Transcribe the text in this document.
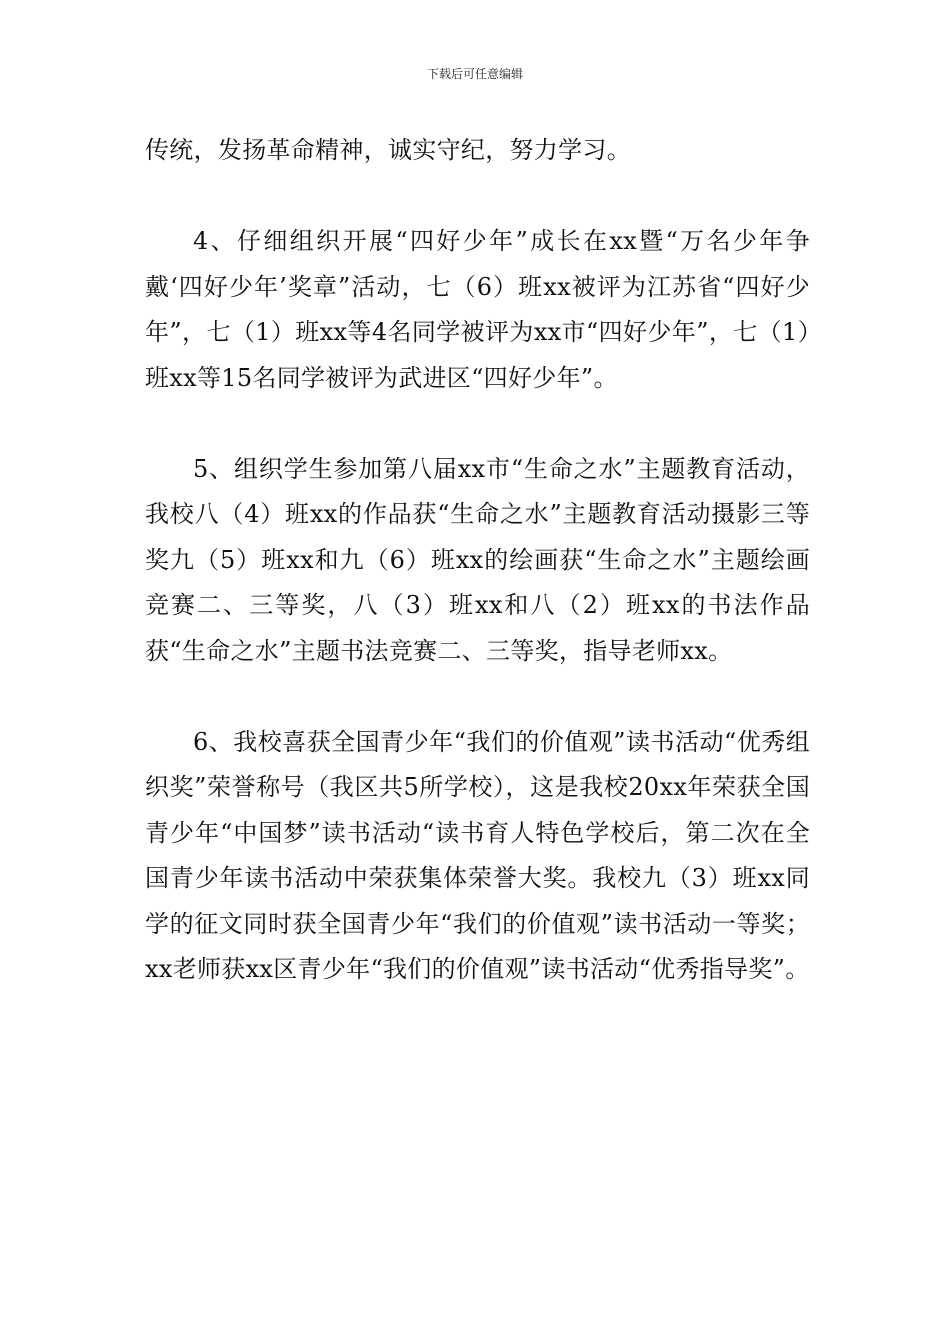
下载后可任意编辑

传统，发扬革命精神，诚实守纪，努力学习。

4、仔细组织开展“四好少年”成长在xx暨“万名少年争戴‘四好少年’奖章”活动，七（6）班xx被评为江苏省“四好少年”，七（1）班xx等4名同学被评为xx市“四好少年”，七（1）班xx等15名同学被评为武进区“四好少年”。

5、组织学生参加第八届xx市“生命之水”主题教育活动，我校八（4）班xx的作品获“生命之水”主题教育活动摄影三等奖九（5）班xx和九（6）班xx的绘画获“生命之水”主题绘画竞赛二、三等奖，八（3）班xx和八（2）班xx的书法作品获“生命之水”主题书法竞赛二、三等奖，指导老师xx。

6、我校喜获全国青少年“我们的价值观”读书活动“优秀组织奖”荣誉称号（我区共5所学校），这是我校20xx年荣获全国青少年“中国梦”读书活动“读书育人特色学校后，第二次在全国青少年读书活动中荣获集体荣誉大奖。我校九（3）班xx同学的征文同时获全国青少年“我们的价值观”读书活动一等奖；xx老师获xx区青少年“我们的价值观”读书活动“优秀指导奖”。
